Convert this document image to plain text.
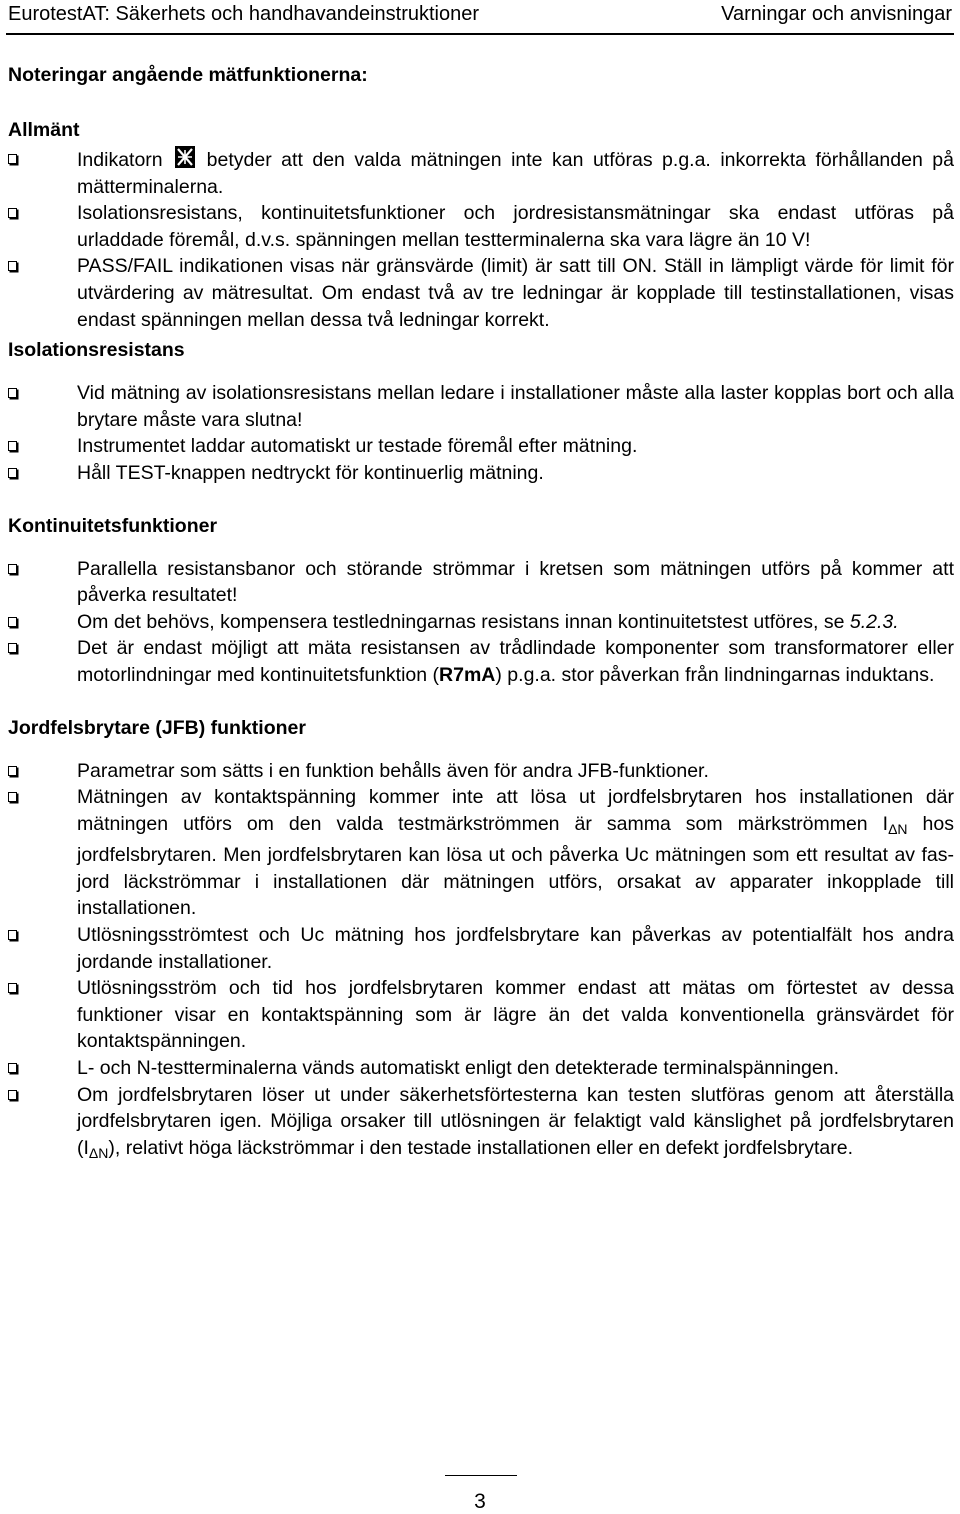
EurotestAT: Säkerhets och handhavandeinstruktioner	Varningar och anvisningar
Noteringar angående mätfunktionerna:
Allmänt
Indikatorn betyder att den valda mätningen inte kan utföras p.g.a. inkorrekta förhållanden på mätterminalerna.
Isolationsresistans, kontinuitetsfunktioner och jordresistansmätningar ska endast utföras på urladdade föremål, d.v.s. spänningen mellan testterminalerna ska vara lägre än 10 V!
PASS/FAIL indikationen visas när gränsvärde (limit) är satt till ON. Ställ in lämpligt värde för limit för utvärdering av mätresultat. Om endast två av tre ledningar är kopplade till testinstallationen, visas endast spänningen mellan dessa två ledningar korrekt.
Isolationsresistans
Vid mätning av isolationsresistans mellan ledare i installationer måste alla laster kopplas bort och alla brytare måste vara slutna!
Instrumentet laddar automatiskt ur testade föremål efter mätning.
Håll TEST-knappen nedtryckt för kontinuerlig mätning.
Kontinuitetsfunktioner
Parallella resistansbanor och störande strömmar i kretsen som mätningen utförs på kommer att påverka resultatet!
Om det behövs, kompensera testledningarnas resistans innan kontinuitetstest utföres, se 5.2.3.
Det är endast möjligt att mäta resistansen av trådlindade komponenter som transformatorer eller motorlindningar med kontinuitetsfunktion (R7mA) p.g.a. stor påverkan från lindningarnas induktans.
Jordfelsbrytare (JFB) funktioner
Parametrar som sätts i en funktion behålls även för andra JFB-funktioner.
Mätningen av kontaktspänning kommer inte att lösa ut jordfelsbrytaren hos installationen där mätningen utförs om den valda testmärkströmmen är samma som märkströmmen $I_{\Delta N}$ hos jordfelsbrytaren. Men jordfelsbrytaren kan lösa ut och påverka Uc mätningen som ett resultat av fas-jord läckströmmar i installationen där mätningen utförs, orsakat av apparater inkopplade till installationen.
Utlösningsströmtest och Uc mätning hos jordfelsbrytare kan påverkas av potentialfält hos andra jordande installationer.
Utlösningsström och tid hos jordfelsbrytaren kommer endast att mätas om förtestet av dessa funktioner visar en kontaktspänning som är lägre än det valda konventionella gränsvärdet för kontaktspänningen.
L- och N-testterminalerna vänds automatiskt enligt den detekterade terminalspänningen.
Om jordfelsbrytaren löser ut under säkerhetsförtesterna kan testen slutföras genom att återställa jordfelsbrytaren igen. Möjliga orsaker till utlösningen är felaktigt vald känslighet på jordfelsbrytaren $(I_{\Delta N})$, relativt höga läckströmmar i den testade installationen eller en defekt jordfelsbrytare.
3
